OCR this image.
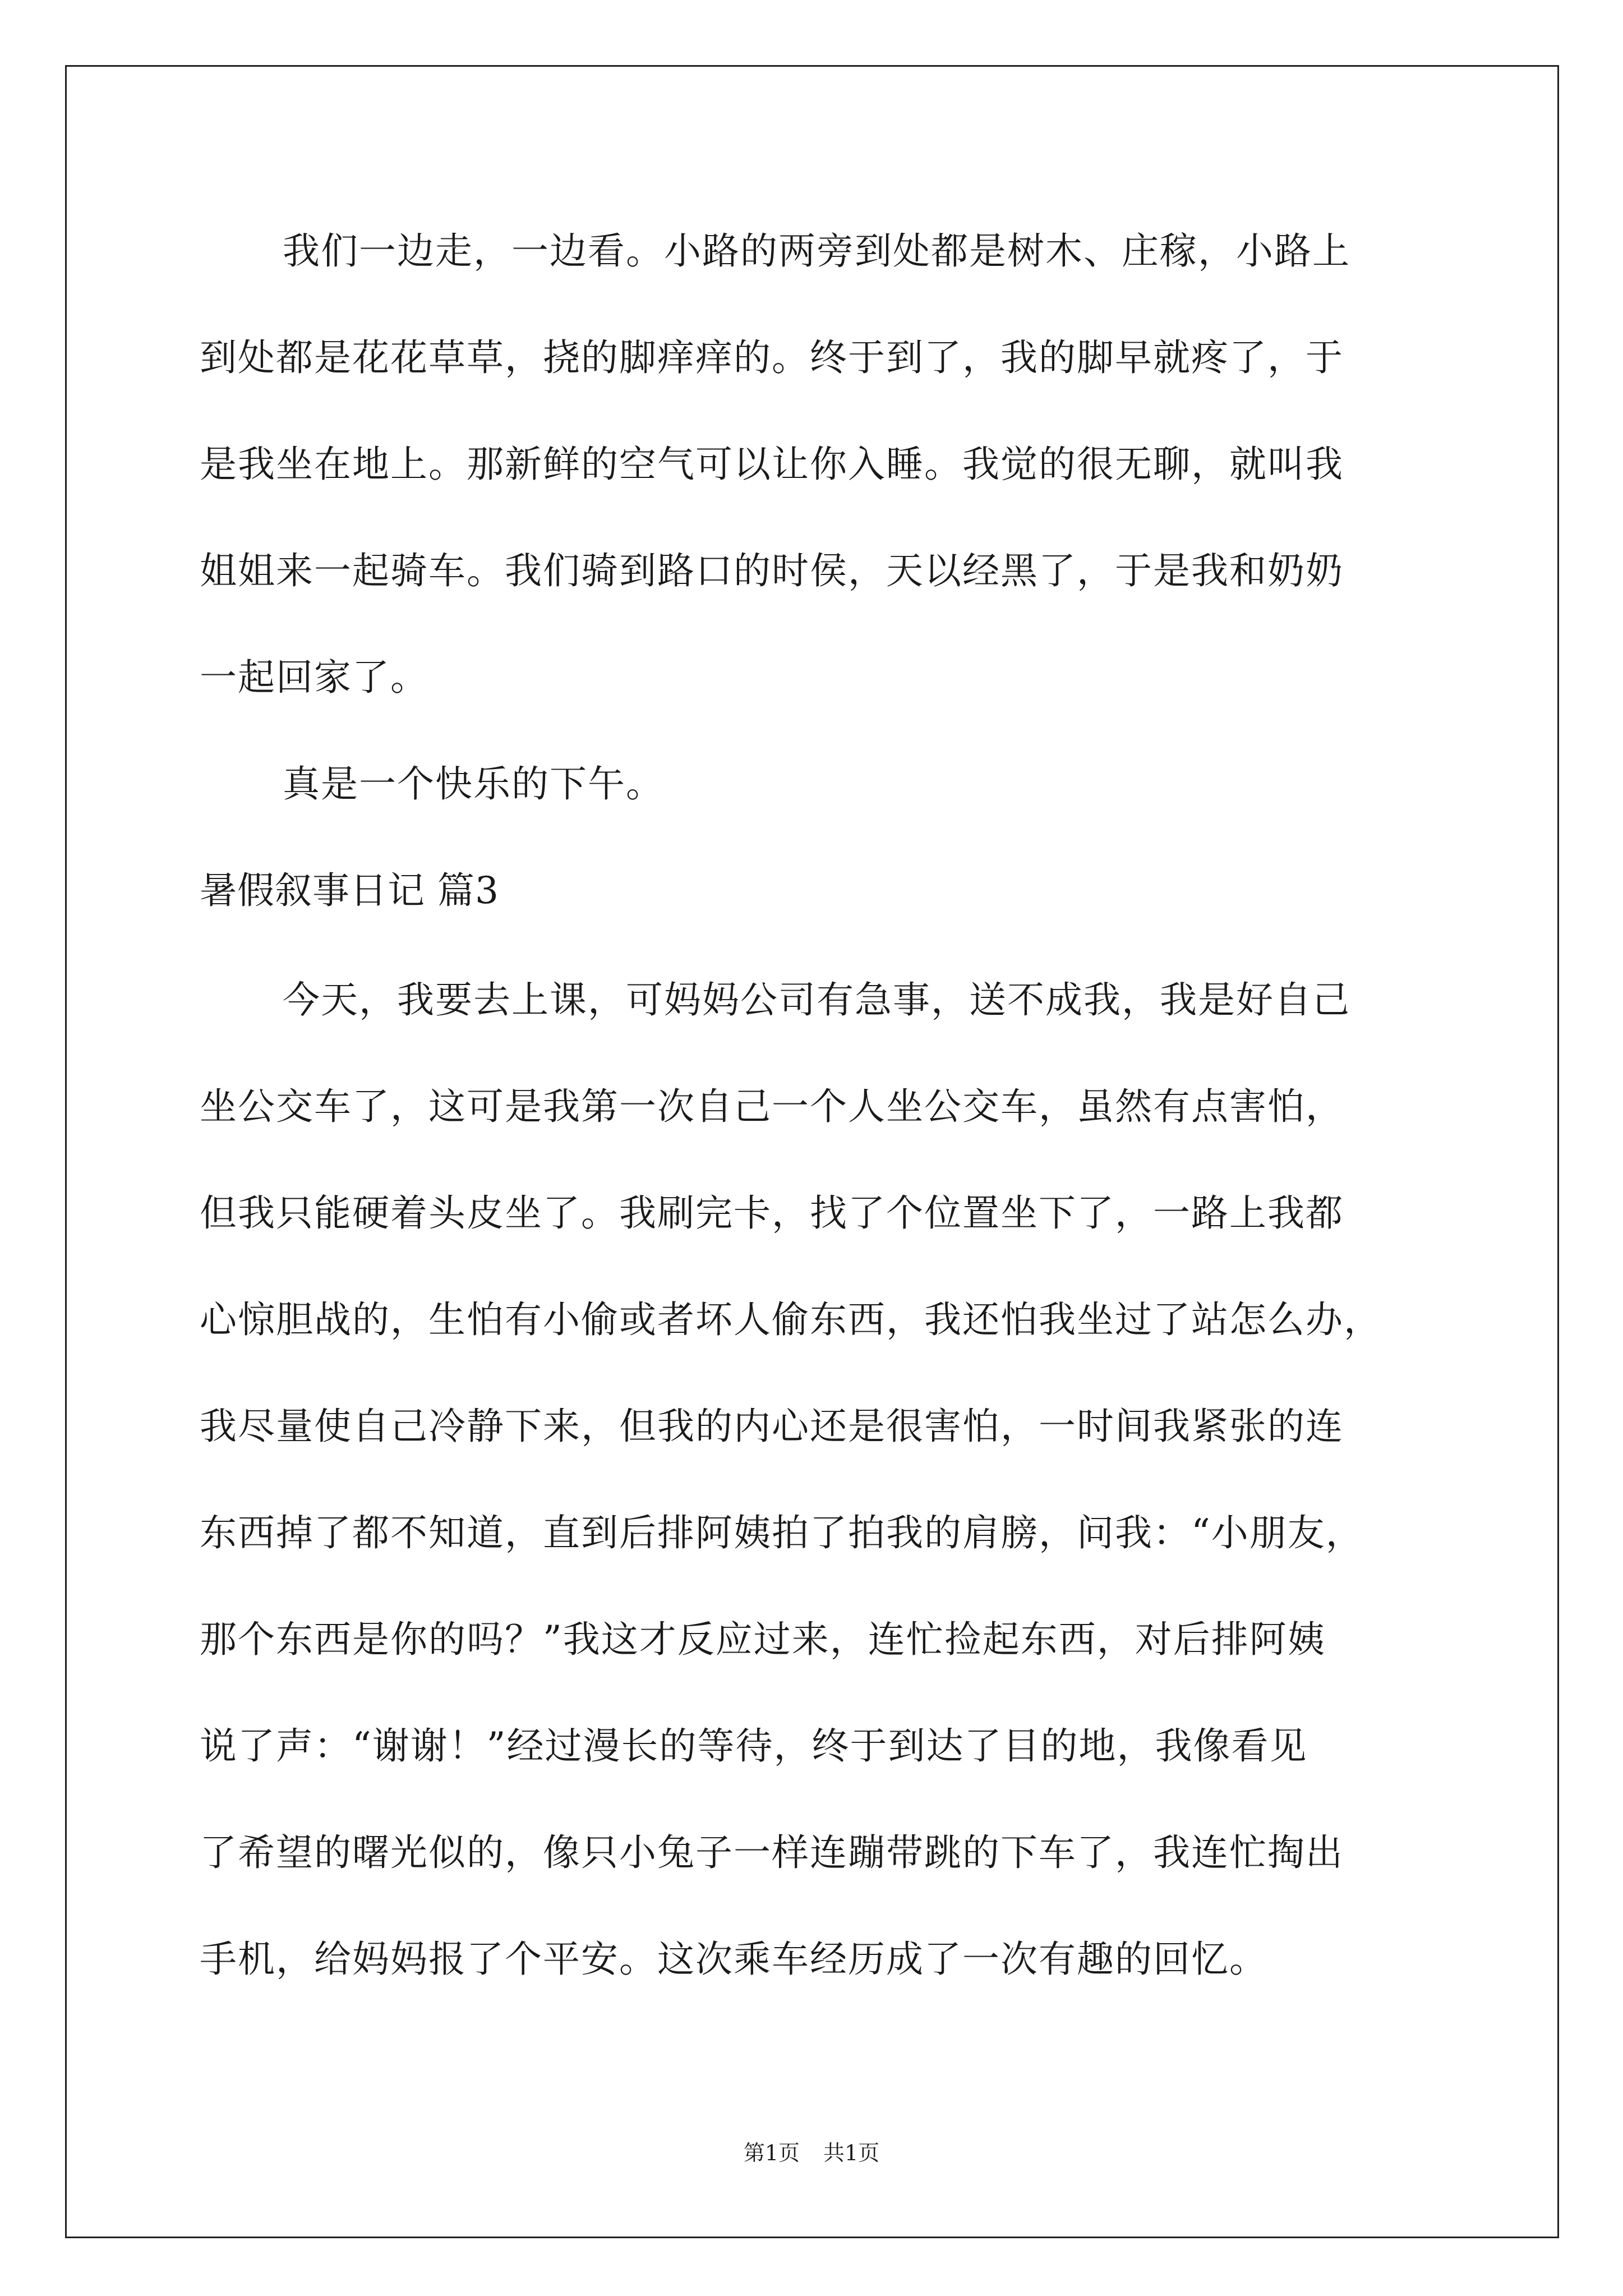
我们一边走，一边看。小路的两旁到处都是树木、庄稼，小路上
到处都是花花草草，挠的脚痒痒的。终于到了，我的脚早就疼了，于
是我坐在地上。那新鲜的空气可以让你入睡。我觉的很无聊，就叫我
姐姐来一起骑车。我们骑到路口的时侯，天以经黑了，于是我和奶奶
一起回家了。
真是一个快乐的下午。
暑假叙事日记 篇3
今天，我要去上课，可妈妈公司有急事，送不成我，我是好自己
坐公交车了，这可是我第一次自己一个人坐公交车，虽然有点害怕，
但我只能硬着头皮坐了。我刷完卡，找了个位置坐下了，一路上我都
心惊胆战的，生怕有小偷或者坏人偷东西，我还怕我坐过了站怎么办，
我尽量使自己冷静下来，但我的内心还是很害怕，一时间我紧张的连
东西掉了都不知道，直到后排阿姨拍了拍我的肩膀，问我：“小朋友，
那个东西是你的吗？”我这才反应过来，连忙捡起东西，对后排阿姨
说了声：“谢谢！”经过漫长的等待，终于到达了目的地，我像看见
了希望的曙光似的，像只小兔子一样连蹦带跳的下车了，我连忙掏出
手机，给妈妈报了个平安。这次乘车经历成了一次有趣的回忆。
第1页 共1页
